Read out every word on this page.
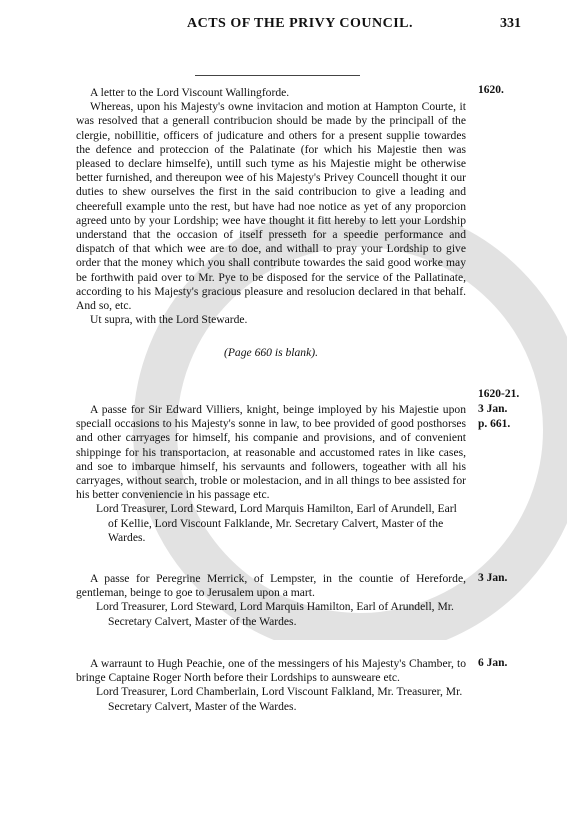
ACTS OF THE PRIVY COUNCIL.	331
1620.
1620-21.
3 Jan.
p. 661.
3 Jan.
6 Jan.

A letter to the Lord Viscount Wallingforde.

Whereas, upon his Majesty's owne invitacion and motion at Hampton Courte, it was resolved that a generall contribucion should be made by the principall of the clergie, nobillitie, officers of judicature and others for a present supplie towardes the defence and proteccion of the Palatinate (for which his Majestie then was pleased to declare himselfe), untill such tyme as his Majestie might be otherwise better furnished, and thereupon wee of his Majesty's Privey Councell thought it our duties to shew ourselves the first in the said contribucion to give a leading and cheerefull example unto the rest, but have had noe notice as yet of any proporcion agreed unto by your Lordship; wee have thought it fitt hereby to lett your Lordship understand that the occasion of itself presseth for a speedie performance and dispatch of that which wee are to doe, and withall to pray your Lordship to give order that the money which you shall contribute towardes the said good worke may be forthwith paid over to Mr. Pye to be disposed for the service of the Pallatinate, according to his Majesty's gracious pleasure and resolucion declared in that behalf. And so, etc.

Ut supra, with the Lord Stewarde.

(Page 660 is blank).

A passe for Sir Edward Villiers, knight, beinge imployed by his Majestie upon speciall occasions to his Majesty's sonne in law, to bee provided of good posthorses and other carryages for himself, his companie and provisions, and of convenient shippinge for his transportacion, at reasonable and accustomed rates in like cases, and soe to imbarque himself, his servaunts and followers, togeather with all his carryages, without search, troble or molestacion, and in all things to bee assisted for his better conveniencie in his passage etc.

Lord Treasurer, Lord Steward, Lord Marquis Hamilton, Earl of Arundell, Earl of Kellie, Lord Viscount Falklande, Mr. Secretary Calvert, Master of the Wardes.

A passe for Peregrine Merrick, of Lempster, in the countie of Hereforde, gentleman, beinge to goe to Jerusalem upon a mart.

Lord Treasurer, Lord Steward, Lord Marquis Hamilton, Earl of Arundell, Mr. Secretary Calvert, Master of the Wardes.

A warraunt to Hugh Peachie, one of the messingers of his Majesty's Chamber, to bringe Captaine Roger North before their Lordships to aunsweare etc.

Lord Treasurer, Lord Chamberlain, Lord Viscount Falkland, Mr. Treasurer, Mr. Secretary Calvert, Master of the Wardes.
